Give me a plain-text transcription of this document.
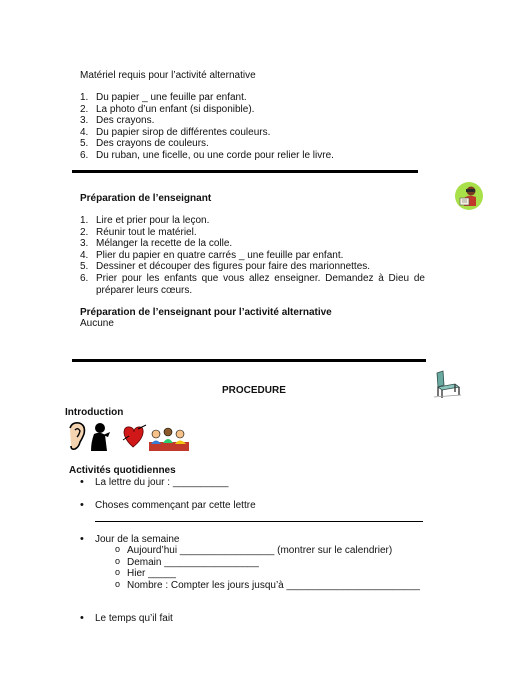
Matériel requis pour l’activité alternative
1. Du papier _ une feuille par enfant.
2. La photo d’un enfant (si disponible).
3. Des crayons.
4. Du papier sirop de différentes couleurs.
5. Des crayons de couleurs.
6. Du ruban, une ficelle, ou une corde pour relier le livre.
Préparation de l’enseignant
1. Lire et prier pour la leçon.
2. Réunir tout le matériel.
3. Mélanger la recette de la colle.
4. Plier du papier en quatre carrés _ une feuille par enfant.
5. Dessiner et découper des figures pour faire des marionnettes.
6. Prier pour les enfants que vous allez enseigner. Demandez à Dieu de préparer leurs cœurs.
Préparation de l’enseignant pour l’activité alternative
Aucune
PROCEDURE
Introduction
Activités quotidiennes
• La lettre du jour : __________
• Choses commençant par cette lettre
• Jour de la semaine
o Aujourd’hui _________________ (montrer sur le calendrier)
o Demain _________________
o Hier _____
o Nombre : Compter les jours jusqu’à ________________________
• Le temps qu’il fait
